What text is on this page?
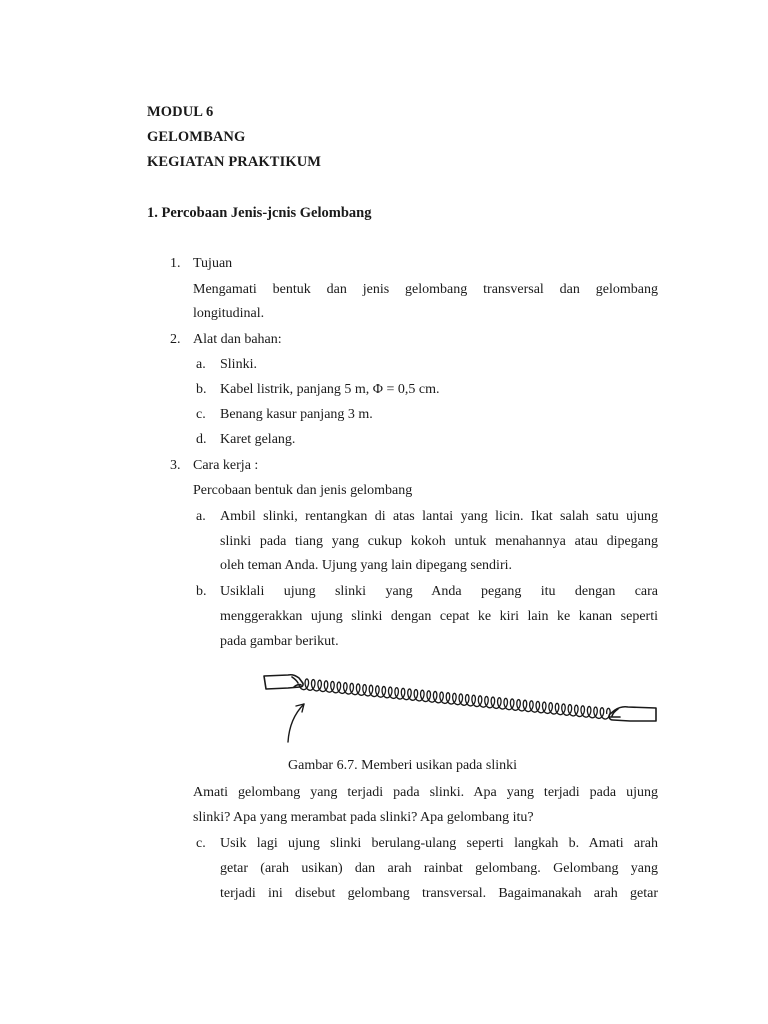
MODUL 6
GELOMBANG
KEGIATAN PRAKTIKUM
1. Percobaan Jenis-jcnis Gelombang
1. Tujuan
Mengamati bentuk dan jenis gelombang transversal dan gelombang
longitudinal.
2. Alat dan bahan:
a. Slinki.
b. Kabel listrik, panjang 5 m, Φ = 0,5 cm.
c. Benang kasur panjang 3 m.
d. Karet gelang.
3. Cara kerja :
Percobaan bentuk dan jenis gelombang
a. Ambil slinki, rentangkan di atas lantai yang licin. Ikat salah satu ujung
slinki pada tiang yang cukup kokoh untuk menahannya atau dipegang
oleh teman Anda. Ujung yang lain dipegang sendiri.
b. Usiklali ujung slinki yang Anda pegang itu dengan cara
menggerakkan ujung slinki dengan cepat ke kiri lain ke kanan seperti
pada gambar berikut.
Gambar 6.7. Memberi usikan pada slinki
Amati gelombang yang terjadi pada slinki. Apa yang terjadi pada ujung
slinki? Apa yang merambat pada slinki? Apa gelombang itu?
c. Usik lagi ujung slinki berulang-ulang seperti langkah b. Amati arah
getar (arah usikan) dan arah rainbat gelombang. Gelombang yang
terjadi ini disebut gelombang transversal. Bagaimanakah arah getar
